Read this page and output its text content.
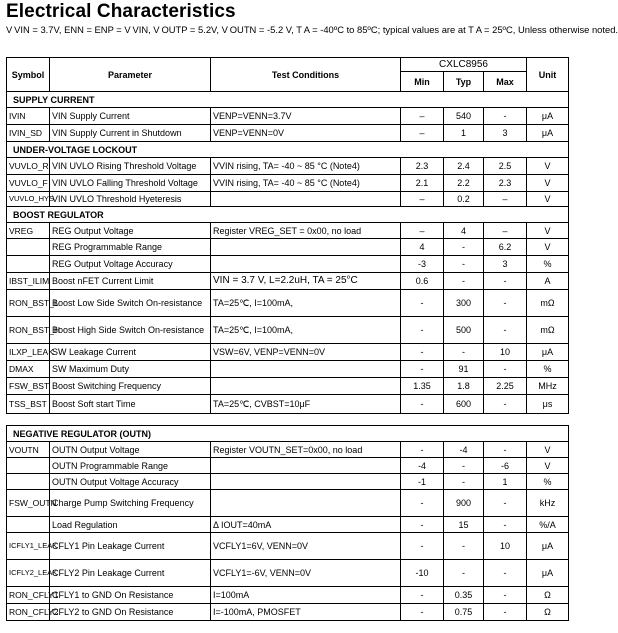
Electrical Characteristics
V VIN = 3.7V, ENN = ENP = V VIN, V OUTP = 5.2V, V OUTN = -5.2 V, T A = -40ºC to 85ºC; typical values are at T A = 25ºC, Unless otherwise noted.
Symbol	Parameter	Test Conditions	CXLC8956			Unit
			Min	Typ	Max	
SUPPLY CURRENT						
IVIN	VIN Supply Current	VENP=VENN=3.7V	–	540	-	μA
IVIN_SD	VIN Supply Current in Shutdown	VENP=VENN=0V	–	1	3	μA
UNDER-VOLTAGE LOCKOUT						
VUVLO_R	VIN UVLO Rising Threshold Voltage	VVIN rising, TA= -40 ~ 85 °C (Note4)	2.3	2.4	2.5	V
VUVLO_F	VIN UVLO Falling Threshold Voltage	VVIN rising, TA= -40 ~ 85 °C (Note4)	2.1	2.2	2.3	V
VUVLO_HYS	VIN UVLO Threshold Hyeteresis		–	0.2	–	V
BOOST REGULATOR						
VREG	REG Output Voltage	Register VREG_SET = 0x00, no load	–	4	–	V
	REG Programmable Range		4	-	6.2	V
	REG Output Voltage Accuracy		-3	-	3	%
IBST_ILIM	Boost nFET Current Limit	VIN = 3.7 V, L=2.2uH, TA = 25°C	0.6	-	-	A
RON_BST_L	Boost Low Side Switch On-resistance	TA=25℃, I=100mA,	-	300	-	mΩ
RON_BST_H	Boost High Side Switch On-resistance	TA=25℃, I=100mA,	-	500	-	mΩ
ILXP_LEAK	SW Leakage Current	VSW=6V, VENP=VENN=0V	-	-	10	μA
DMAX	SW Maximum Duty		-	91	-	%
FSW_BST	Boost Switching Frequency		1.35	1.8	2.25	MHz
TSS_BST	Boost Soft start Time	TA=25℃, CVBST=10μF	-	600	-	μs

NEGATIVE REGULATOR (OUTN)						
VOUTN	OUTN Output Voltage	Register VOUTN_SET=0x00, no load	-	-4	-	V
	OUTN Programmable Range		-4	-	-6	V
	OUTN Output Voltage Accuracy		-1	-	1	%
FSW_OUTN	Charge Pump Switching Frequency		-	900	-	kHz
	Load Regulation	Δ IOUT=40mA	-	15	-	%/A
ICFLY1_LEAK	CFLY1 Pin Leakage Current	VCFLY1=6V, VENN=0V	-	-	10	μA
ICFLY2_LEAK	CFLY2 Pin Leakage Current	VCFLY1=-6V, VENN=0V	-10	-	-	μA
RON_CFLY1	CFLY1 to GND On Resistance	I=100mA	-	0.35	-	Ω
RON_CFLY2	CFLY2 to GND On Resistance	I=-100mA, PMOSFET	-	0.75	-	Ω
